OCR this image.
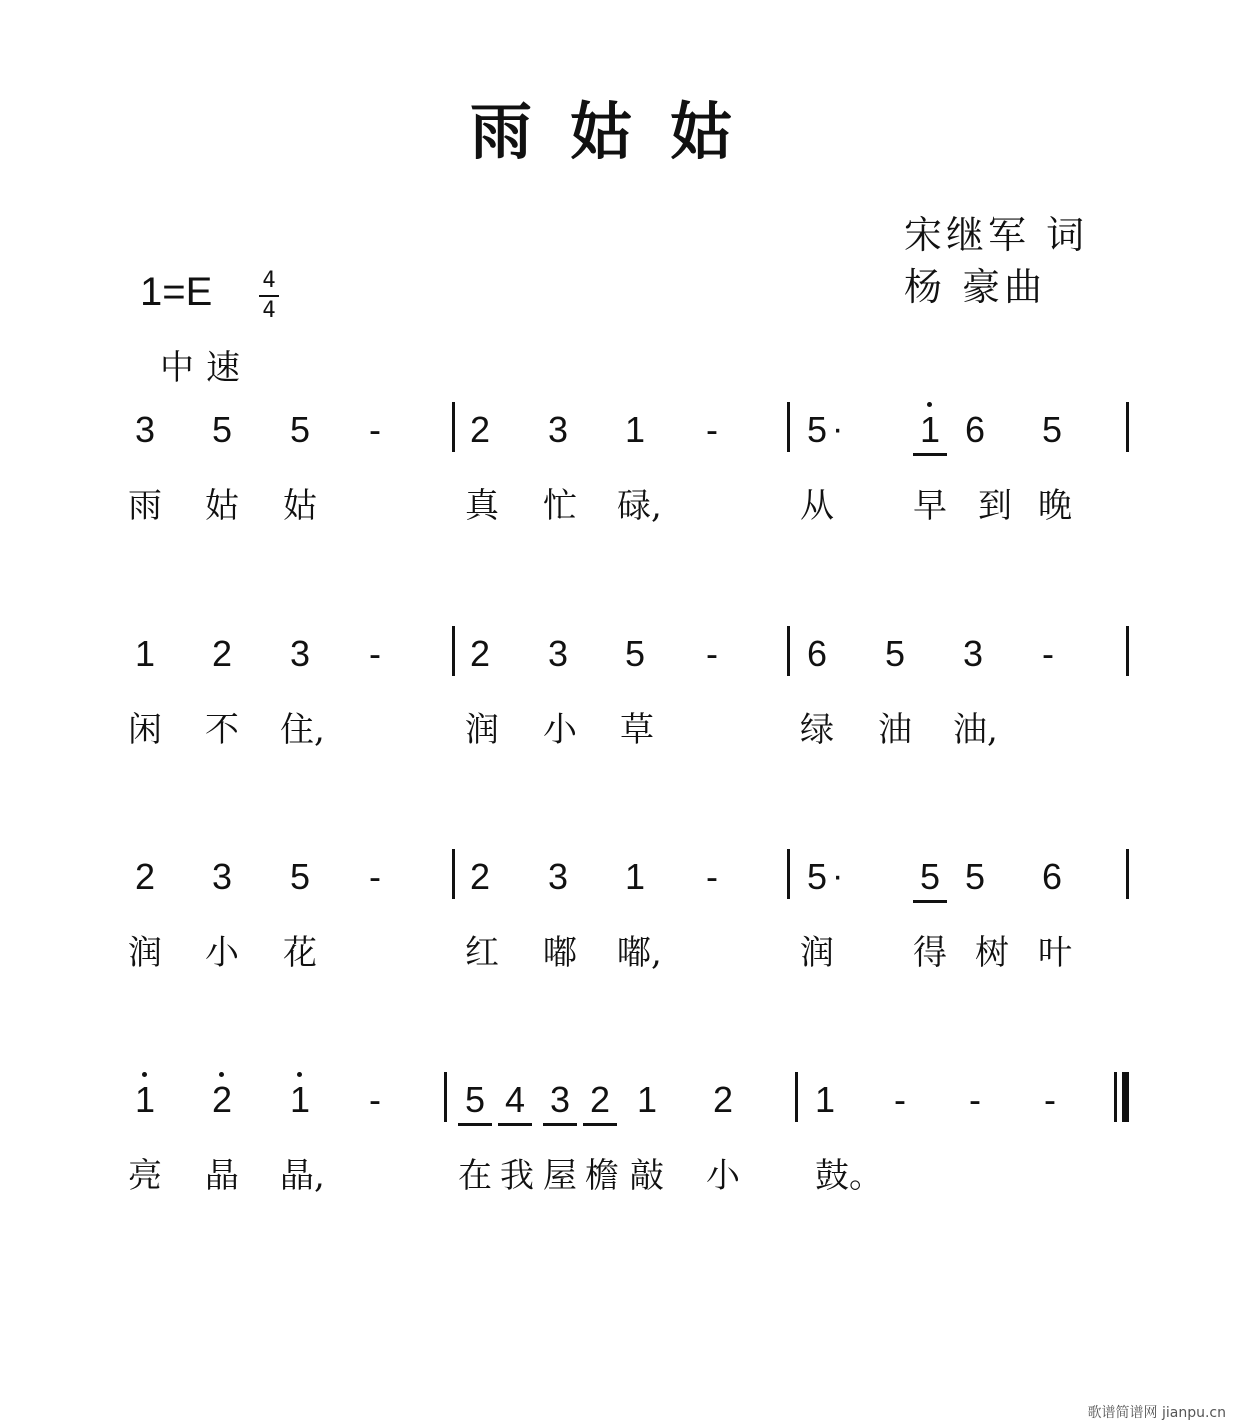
雨姑姑
宋继军 词
杨 豪曲
1=E 4
4
中速
3 5 5 - 2 3 1 - 5 · 1 6 5
雨 姑 姑	真 忙 碌,	从 早 到 晚
1 2 3 - 2 3 5 - 6 5 3 -
闲 不 住,	润 小 草	绿 油 油,
2 3 5 - 2 3 1 - 5 · 5 5 6
润 小 花	红 嘟 嘟,	润 得 树 叶
1 2 1 - 5 4 3 2 1 2 1 - - -
亮 晶 晶,	在 我 屋 檐 敲 小 鼓。
歌谱简谱网 jianpu.cn
